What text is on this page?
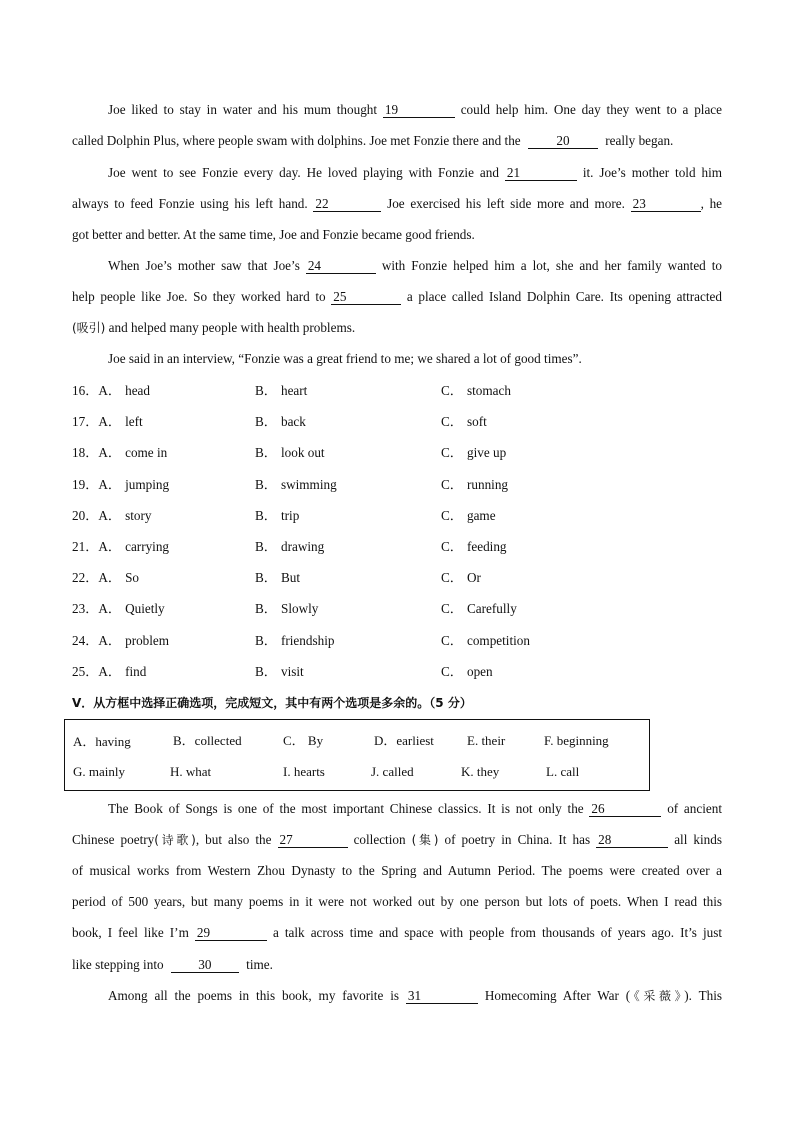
Joe liked to stay in water and his mum thought 19	could help him. One day they went to a place
called Dolphin Plus, where people swam with dolphins. Joe met Fonzie there and the	20	really began.
Joe went to see Fonzie every day. He loved playing with Fonzie and 21	it. Joe’s mother told him
always to feed Fonzie using his left hand. 22	Joe exercised his left side more and more. 23	, he
got better and better. At the same time, Joe and Fonzie became good friends.
When Joe’s mother saw that Joe’s 24	with Fonzie helped him a lot, she and her family wanted to
help people like Joe. So they worked hard to 25	a place called Island Dolphin Care. Its opening attracted
(吸引) and helped many people with health problems.
Joe said in an interview, “Fonzie was a great friend to me; we shared a lot of good times”.
16．A． head	B． heart	C． stomach
17．A． left	B． back	C． soft
18．A． come in	B． look out	C． give up
19．A． jumping	B． swimming	C． running
20．A． story	B． trip	C． game
21．A． carrying	B． drawing	C． feeding
22．A． So	B． But	C． Or
23．A． Quietly	B． Slowly	C． Carefully
24．A． problem	B． friendship	C． competition
25．A． find	B． visit	C． open
Ⅴ．从方框中选择正确选项，完成短文，其中有两个选项是多余的。（5 分）
A．having	B．collected	C． By	D．earliest	E. their	F. beginning
G. mainly	H. what	I. hearts	J. called	K. they	L. call
The Book of Songs is one of the most important Chinese classics. It is not only the 26	of ancient
Chinese poetry(诗歌), but also the 27	collection (集) of poetry in China. It has 28	all kinds
of musical works from Western Zhou Dynasty to the Spring and Autumn Period. The poems were created over a
period of 500 years, but many poems in it were not worked out by one person but lots of poets. When I read this
book, I feel like I’m 29	a talk across time and space with people from thousands of years ago. It’s just
like stepping into	30	time.
Among all the poems in this book, my favorite is 31	Homecoming After War (《采薇》). This
